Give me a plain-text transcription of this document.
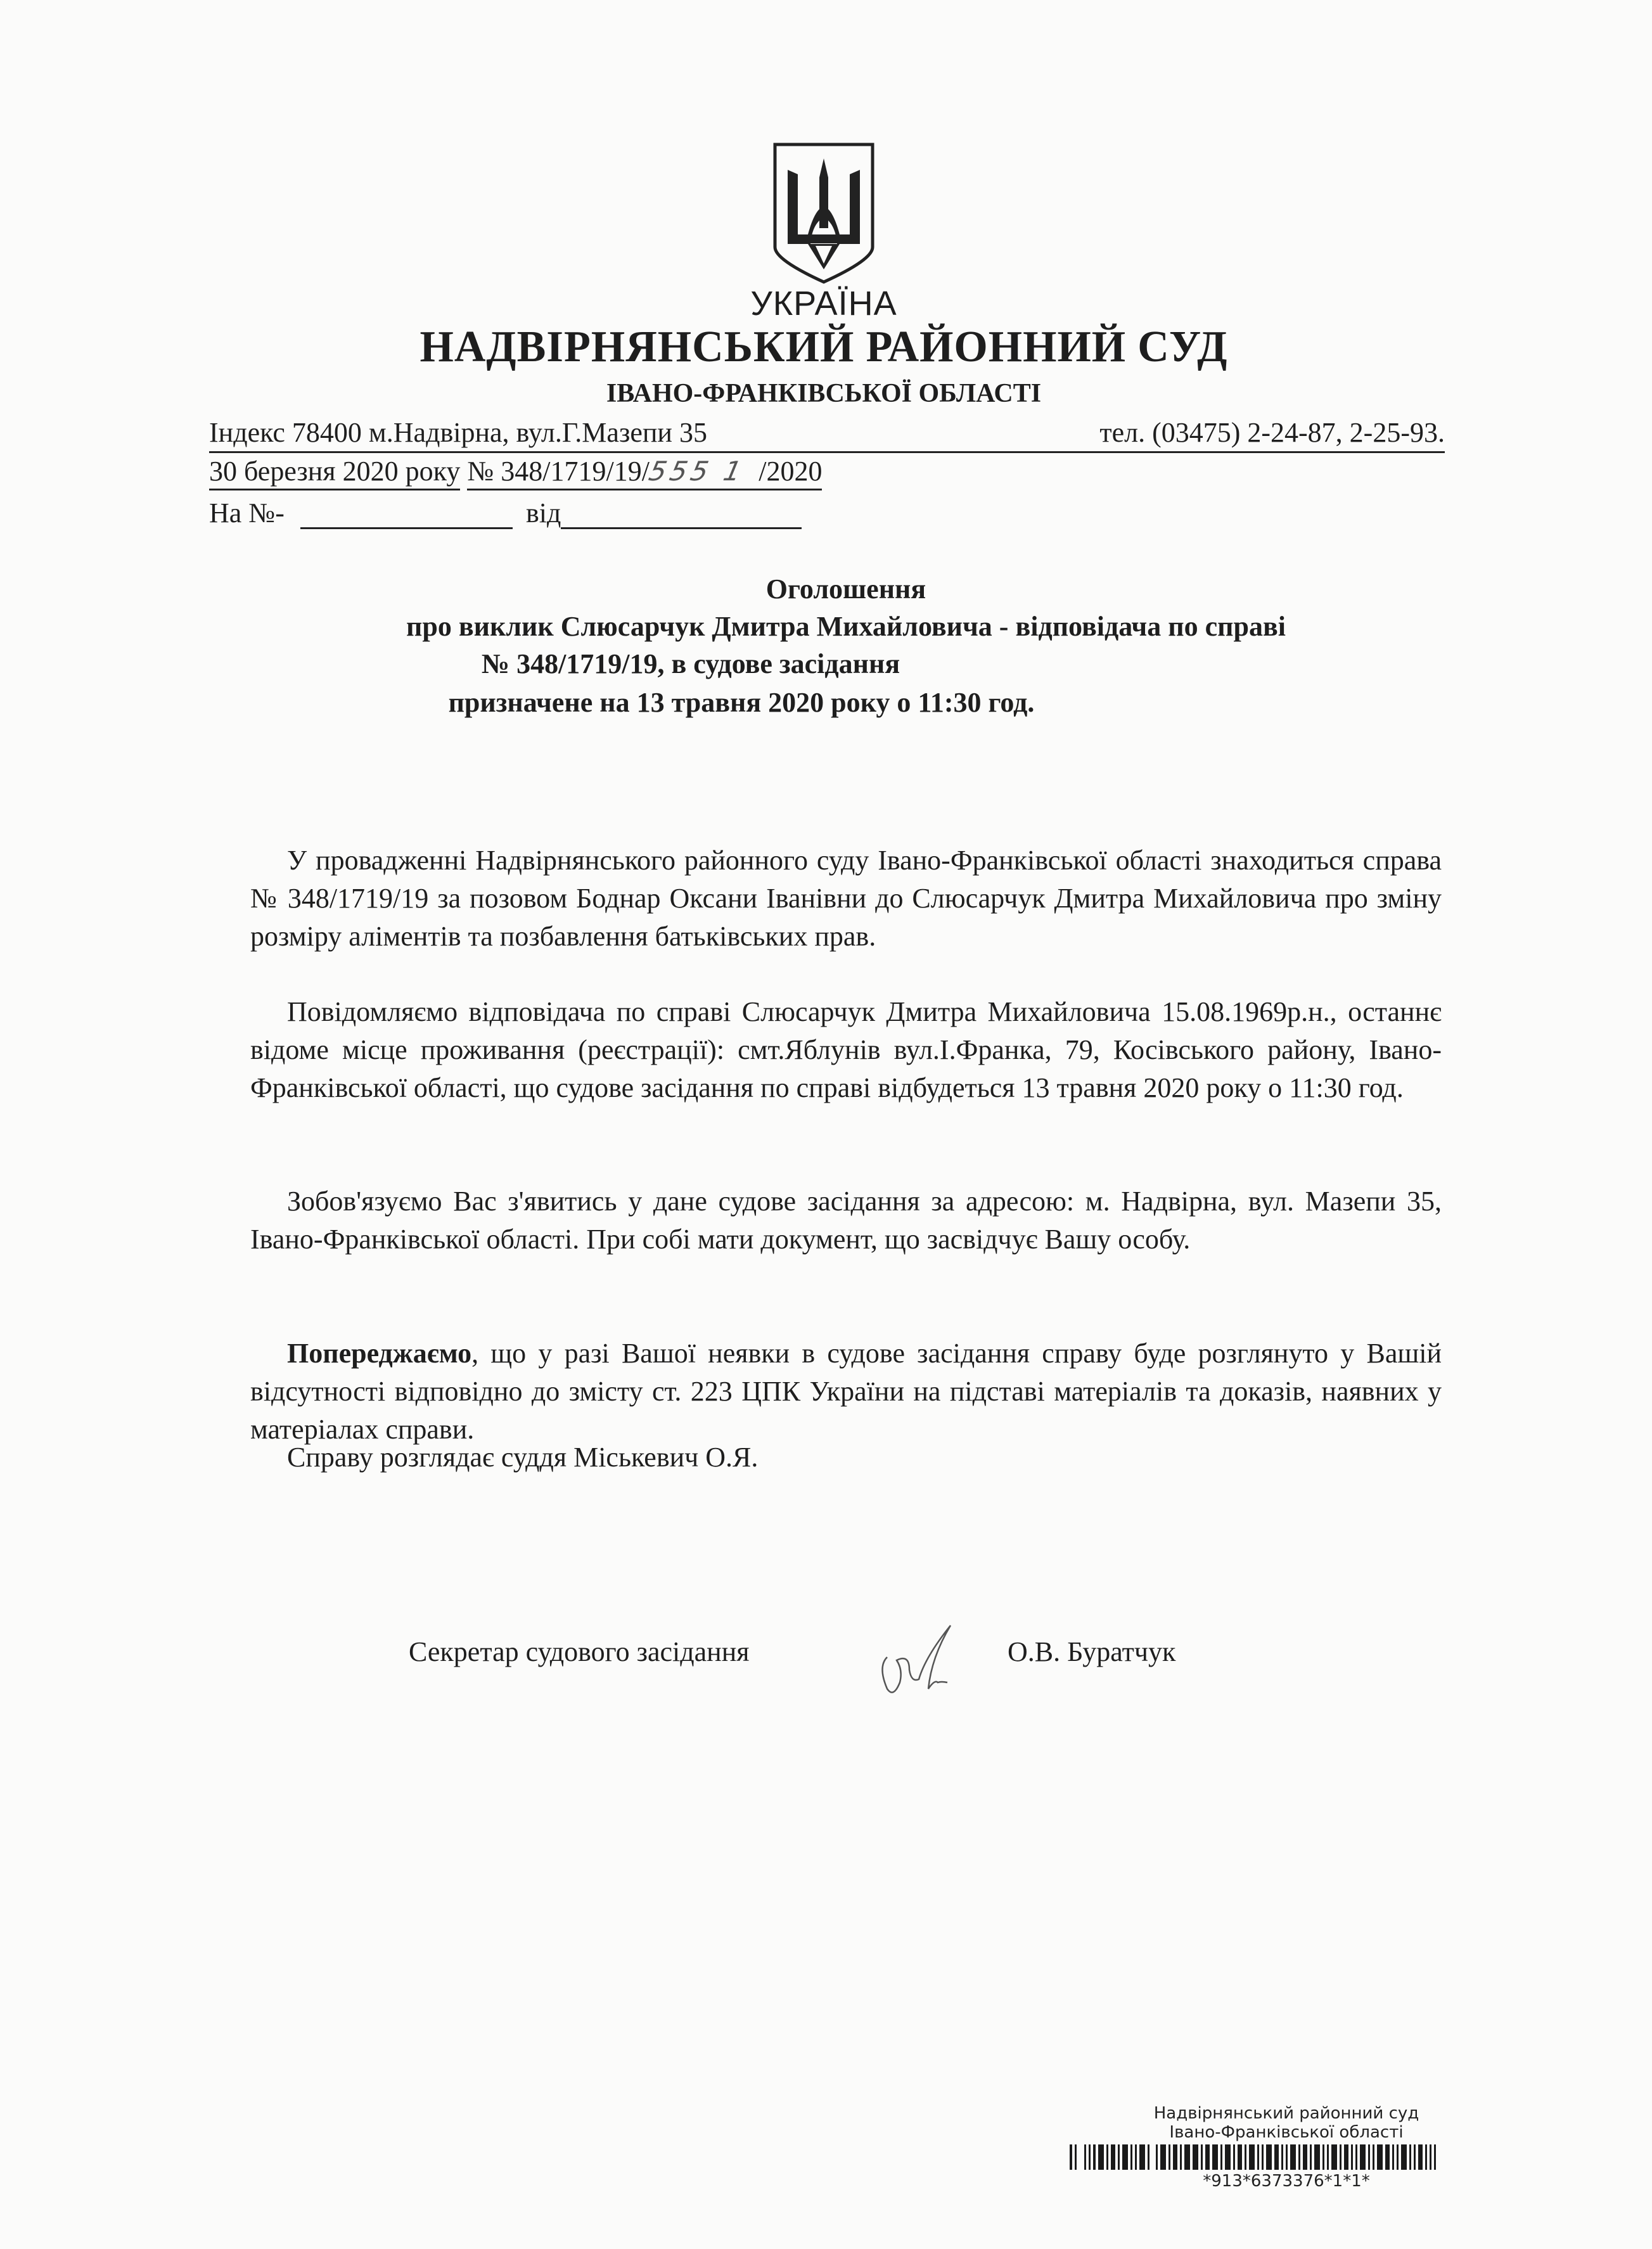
УКРАЇНА
НАДВІРНЯНСЬКИЙ РАЙОННИЙ СУД
ІВАНО-ФРАНКІВСЬКОЇ ОБЛАСТІ
Індекс 78400 м.Надвірна, вул.Г.Мазепи 35	тел. (03475) 2-24-87, 2-25-93.
30 березня 2020 року № 348/1719/19/555 1 /2020
На №-	від
Оголошення
про виклик Слюсарчук Дмитра Михайловича - відповідача по справі
№ 348/1719/19, в судове засідання
призначене на 13 травня 2020 року о 11:30 год.
У провадженні Надвірнянського районного суду Івано-Франківської області знаходиться справа № 348/1719/19 за позовом Боднар Оксани Іванівни до Слюсарчук Дмитра Михайловича про зміну розміру аліментів та позбавлення батьківських прав.
Повідомляємо відповідача по справі Слюсарчук Дмитра Михайловича 15.08.1969р.н., останнє відоме місце проживання (реєстрації): смт.Яблунів вул.І.Франка, 79, Косівського району, Івано-Франківської області, що судове засідання по справі відбудеться 13 травня 2020 року о 11:30 год.
Зобов'язуємо Вас з'явитись у дане судове засідання за адресою: м. Надвірна, вул. Мазепи 35, Івано-Франківської області. При собі мати документ, що засвідчує Вашу особу.
Попереджаємо, що у разі Вашої неявки в судове засідання справу буде розглянуто у Вашій відсутності відповідно до змісту ст. 223 ЦПК України на підставі матеріалів та доказів, наявних у матеріалах справи.
Справу розглядає суддя Міськевич О.Я.
Секретар судового засідання	О.В. Буратчук
Надвірнянський районний суд
Івано-Франківської області
*913*6373376*1*1*
